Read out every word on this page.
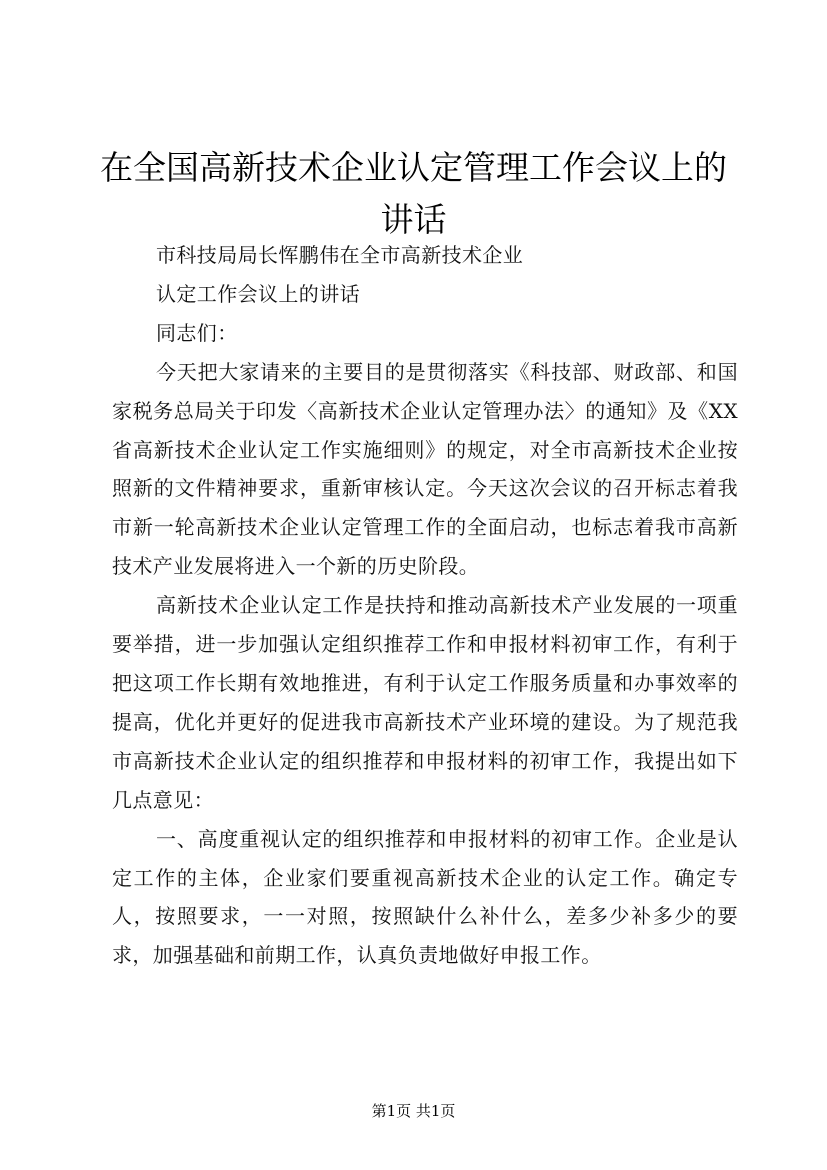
在全国高新技术企业认定管理工作会议上的讲话

市科技局局长恽鹏伟在全市高新技术企业

认定工作会议上的讲话

同志们：

今天把大家请来的主要目的是贯彻落实《科技部、财政部、和国家税务总局关于印发〈高新技术企业认定管理办法〉的通知》及《XX省高新技术企业认定工作实施细则》的规定，对全市高新技术企业按照新的文件精神要求，重新审核认定。今天这次会议的召开标志着我市新一轮高新技术企业认定管理工作的全面启动，也标志着我市高新技术产业发展将进入一个新的历史阶段。

高新技术企业认定工作是扶持和推动高新技术产业发展的一项重要举措，进一步加强认定组织推荐工作和申报材料初审工作，有利于把这项工作长期有效地推进，有利于认定工作服务质量和办事效率的提高，优化并更好的促进我市高新技术产业环境的建设。为了规范我市高新技术企业认定的组织推荐和申报材料的初审工作，我提出如下几点意见：

一、高度重视认定的组织推荐和申报材料的初审工作。企业是认定工作的主体，企业家们要重视高新技术企业的认定工作。确定专人，按照要求，一一对照，按照缺什么补什么，差多少补多少的要求，加强基础和前期工作，认真负责地做好申报工作。

第1页 共1页
